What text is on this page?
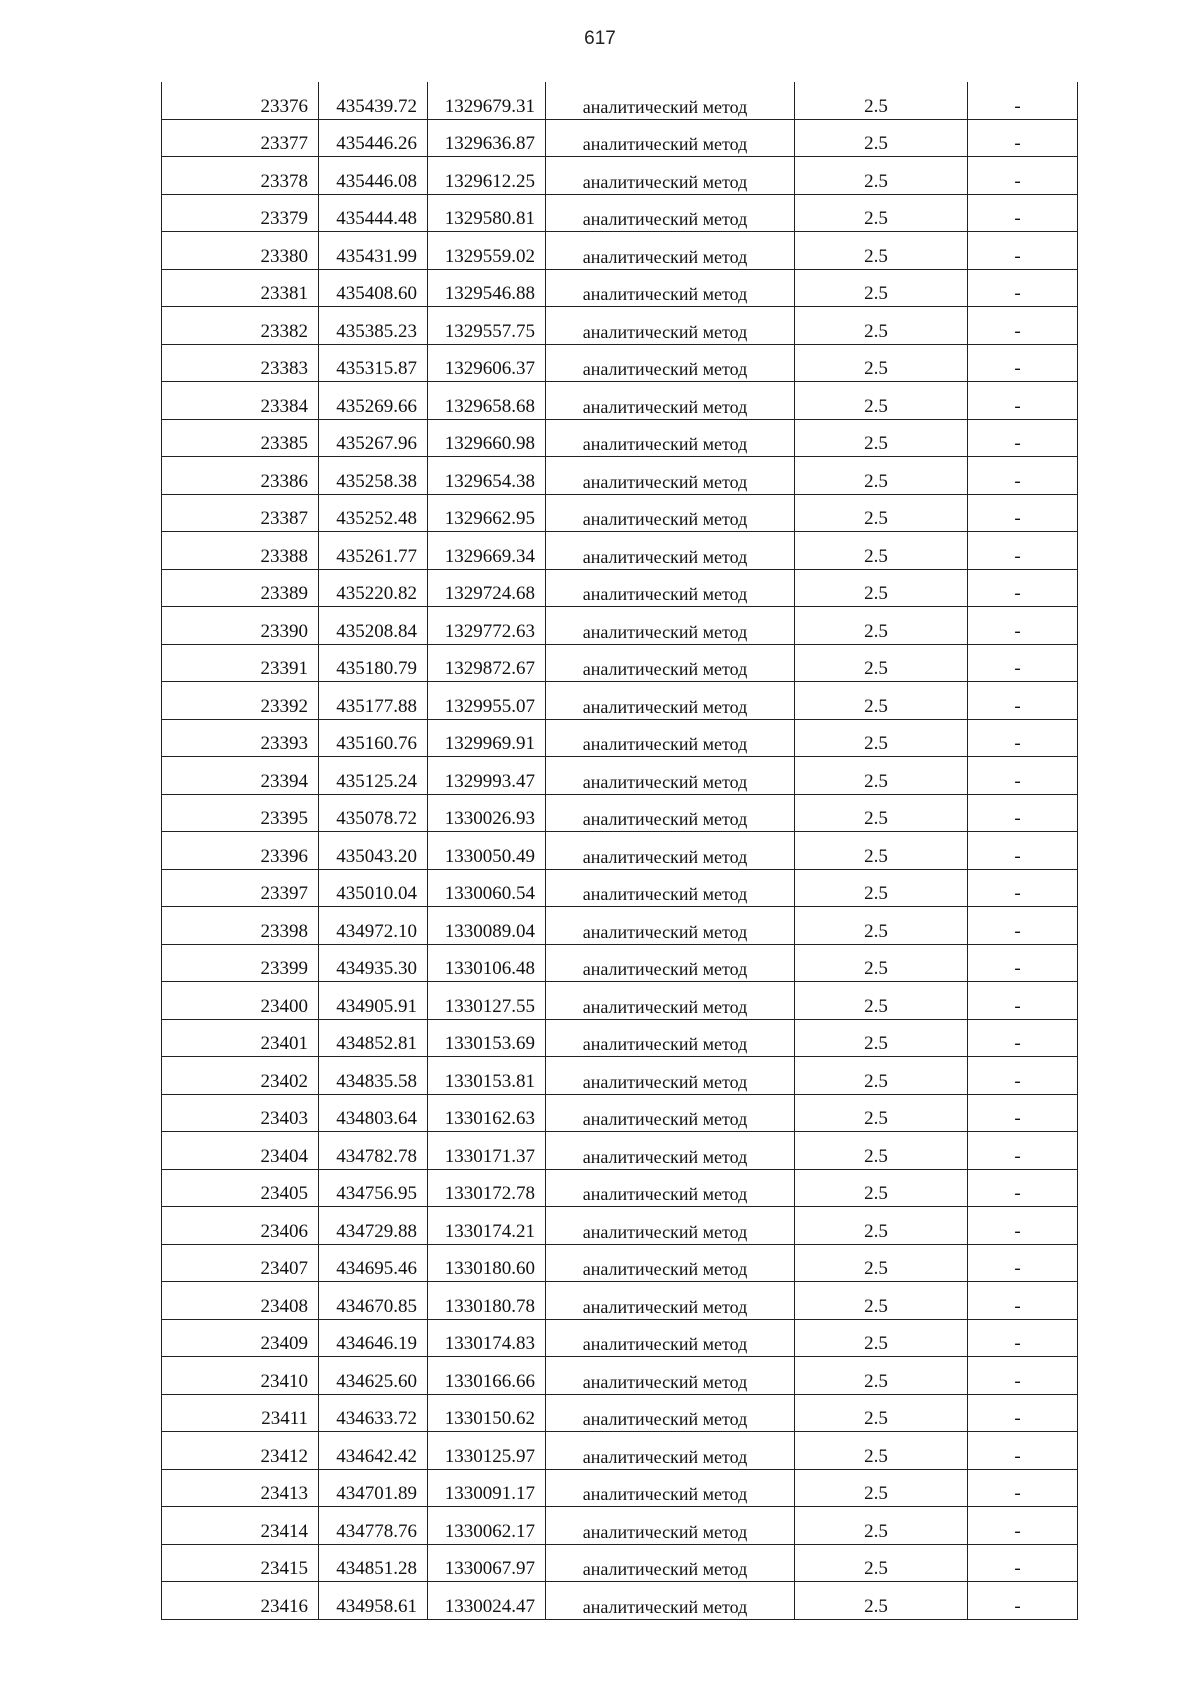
617
23376	435439.72	1329679.31	аналитический метод	2.5	-
23377	435446.26	1329636.87	аналитический метод	2.5	-
23378	435446.08	1329612.25	аналитический метод	2.5	-
23379	435444.48	1329580.81	аналитический метод	2.5	-
23380	435431.99	1329559.02	аналитический метод	2.5	-
23381	435408.60	1329546.88	аналитический метод	2.5	-
23382	435385.23	1329557.75	аналитический метод	2.5	-
23383	435315.87	1329606.37	аналитический метод	2.5	-
23384	435269.66	1329658.68	аналитический метод	2.5	-
23385	435267.96	1329660.98	аналитический метод	2.5	-
23386	435258.38	1329654.38	аналитический метод	2.5	-
23387	435252.48	1329662.95	аналитический метод	2.5	-
23388	435261.77	1329669.34	аналитический метод	2.5	-
23389	435220.82	1329724.68	аналитический метод	2.5	-
23390	435208.84	1329772.63	аналитический метод	2.5	-
23391	435180.79	1329872.67	аналитический метод	2.5	-
23392	435177.88	1329955.07	аналитический метод	2.5	-
23393	435160.76	1329969.91	аналитический метод	2.5	-
23394	435125.24	1329993.47	аналитический метод	2.5	-
23395	435078.72	1330026.93	аналитический метод	2.5	-
23396	435043.20	1330050.49	аналитический метод	2.5	-
23397	435010.04	1330060.54	аналитический метод	2.5	-
23398	434972.10	1330089.04	аналитический метод	2.5	-
23399	434935.30	1330106.48	аналитический метод	2.5	-
23400	434905.91	1330127.55	аналитический метод	2.5	-
23401	434852.81	1330153.69	аналитический метод	2.5	-
23402	434835.58	1330153.81	аналитический метод	2.5	-
23403	434803.64	1330162.63	аналитический метод	2.5	-
23404	434782.78	1330171.37	аналитический метод	2.5	-
23405	434756.95	1330172.78	аналитический метод	2.5	-
23406	434729.88	1330174.21	аналитический метод	2.5	-
23407	434695.46	1330180.60	аналитический метод	2.5	-
23408	434670.85	1330180.78	аналитический метод	2.5	-
23409	434646.19	1330174.83	аналитический метод	2.5	-
23410	434625.60	1330166.66	аналитический метод	2.5	-
23411	434633.72	1330150.62	аналитический метод	2.5	-
23412	434642.42	1330125.97	аналитический метод	2.5	-
23413	434701.89	1330091.17	аналитический метод	2.5	-
23414	434778.76	1330062.17	аналитический метод	2.5	-
23415	434851.28	1330067.97	аналитический метод	2.5	-
23416	434958.61	1330024.47	аналитический метод	2.5	-
